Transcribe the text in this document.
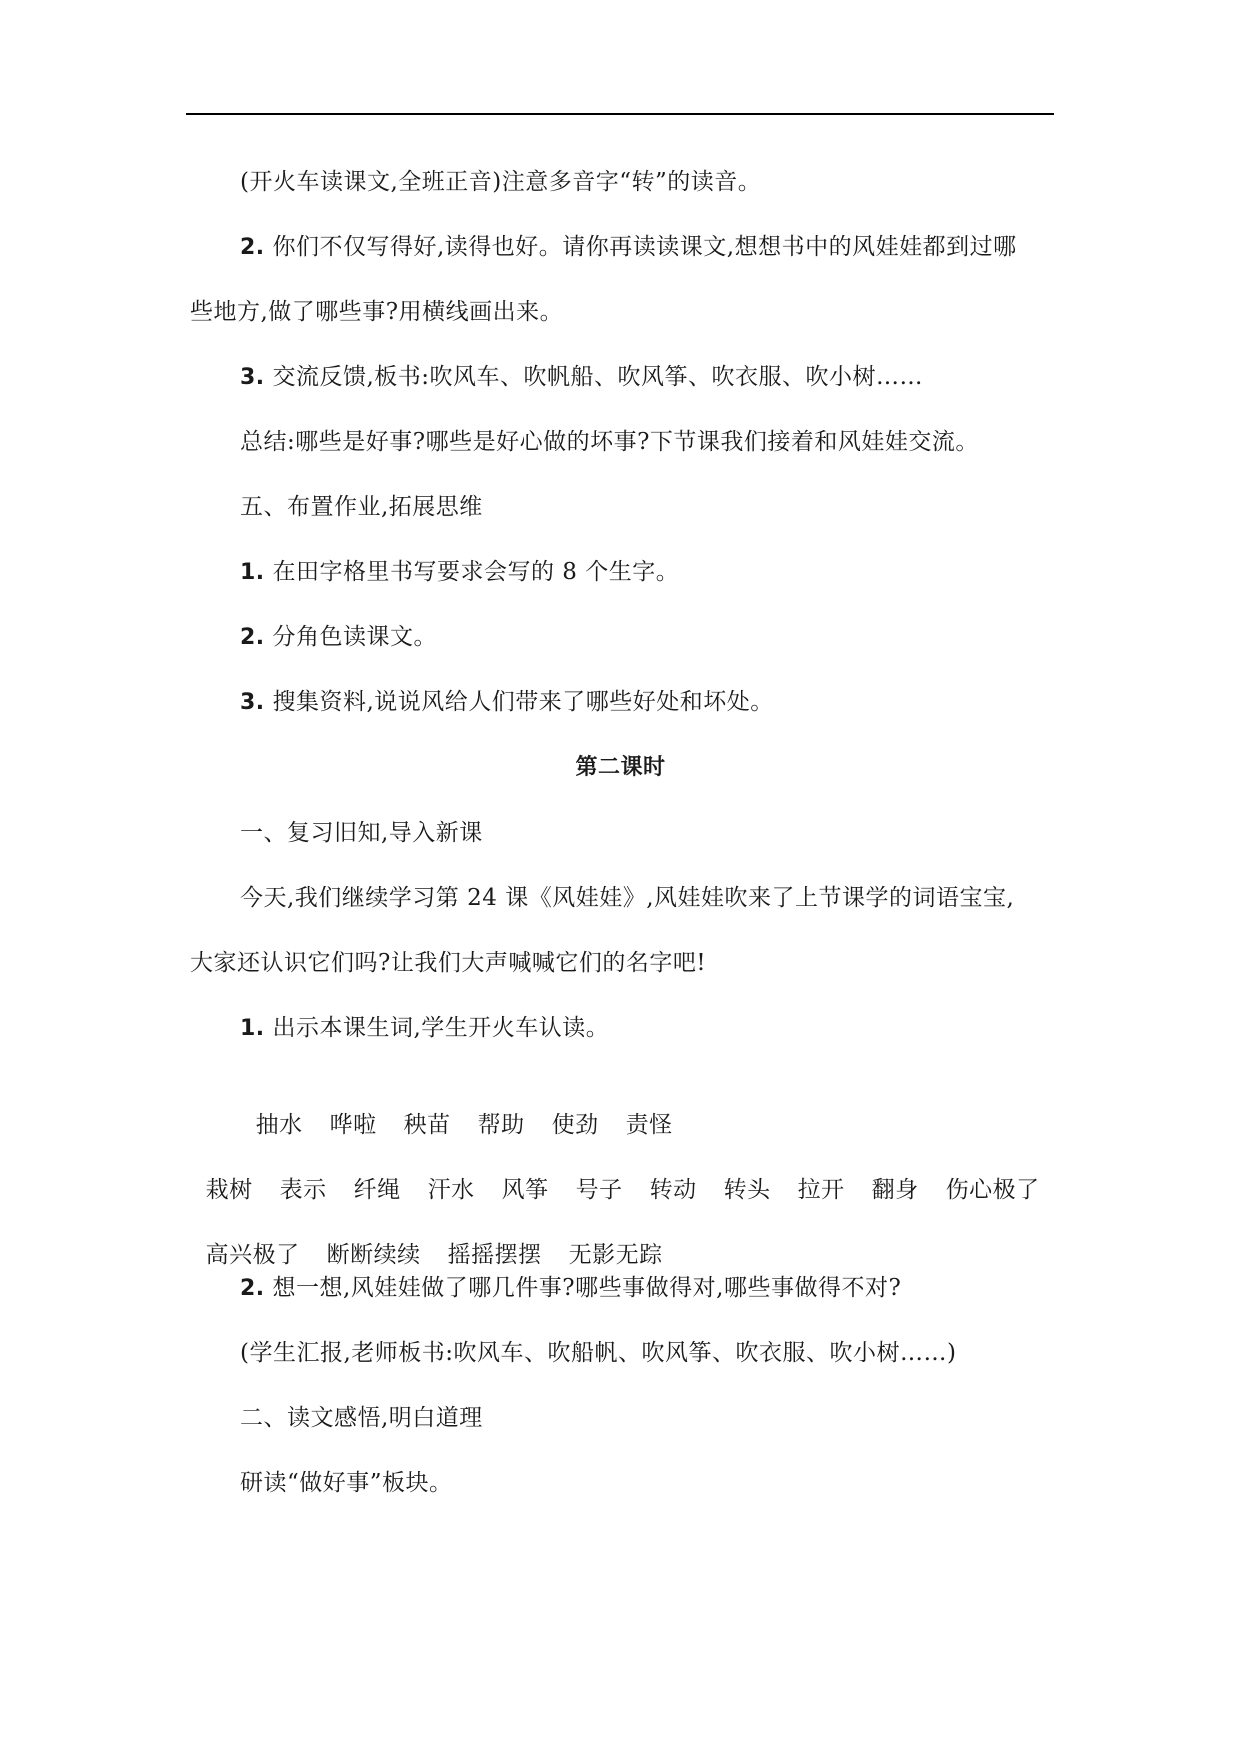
(开火车读课文,全班正音)注意多音字“转”的读音。
2. 你们不仅写得好,读得也好。请你再读读课文,想想书中的风娃娃都到过哪
些地方,做了哪些事?用横线画出来。
3. 交流反馈,板书:吹风车、吹帆船、吹风筝、吹衣服、吹小树……
总结:哪些是好事?哪些是好心做的坏事?下节课我们接着和风娃娃交流。
五、布置作业,拓展思维
1. 在田字格里书写要求会写的 8 个生字。
2. 分角色读课文。
3. 搜集资料,说说风给人们带来了哪些好处和坏处。
第二课时
一、复习旧知,导入新课
今天,我们继续学习第 24 课《风娃娃》,风娃娃吹来了上节课学的词语宝宝,
大家还认识它们吗?让我们大声喊喊它们的名字吧!
1. 出示本课生词,学生开火车认读。

抽水 哗啦 秧苗 帮助 使劲 责怪

栽树 表示 纤绳 汗水 风筝 号子 转动 转头 拉开 翻身 伤心极了

高兴极了 断断续续 摇摇摆摆 无影无踪

2. 想一想,风娃娃做了哪几件事?哪些事做得对,哪些事做得不对?
(学生汇报,老师板书:吹风车、吹船帆、吹风筝、吹衣服、吹小树……)
二、读文感悟,明白道理
研读“做好事”板块。
